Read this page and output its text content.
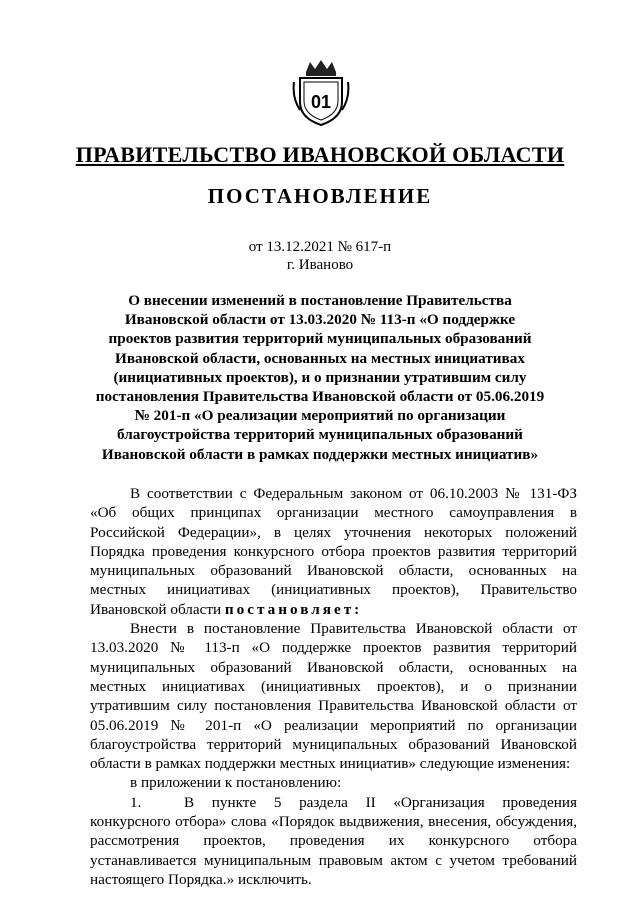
01
ПРАВИТЕЛЬСТВО ИВАНОВСКОЙ ОБЛАСТИ
ПОСТАНОВЛЕНИЕ
от 13.12.2021 № 617-п
г. Иваново
О внесении изменений в постановление Правительства Ивановской области от 13.03.2020 № 113-п «О поддержке проектов развития территорий муниципальных образований Ивановской области, основанных на местных инициативах (инициативных проектов), и о признании утратившим силу постановления Правительства Ивановской области от 05.06.2019 № 201-п «О реализации мероприятий по организации благоустройства территорий муниципальных образований Ивановской области в рамках поддержки местных инициатив»

В соответствии с Федеральным законом от 06.10.2003 № 131-ФЗ «Об общих принципах организации местного самоуправления в Российской Федерации», в целях уточнения некоторых положений Порядка проведения конкурсного отбора проектов развития территорий муниципальных образований Ивановской области, основанных на местных инициативах (инициативных проектов), Правительство Ивановской области постановляет:

Внести в постановление Правительства Ивановской области от 13.03.2020 № 113-п «О поддержке проектов развития территорий муниципальных образований Ивановской области, основанных на местных инициативах (инициативных проектов), и о признании утратившим силу постановления Правительства Ивановской области от 05.06.2019 № 201-п «О реализации мероприятий по организации благоустройства территорий муниципальных образований Ивановской области в рамках поддержки местных инициатив» следующие изменения:

в приложении к постановлению:

1.	В пункте 5 раздела II «Организация проведения конкурсного отбора» слова «Порядок выдвижения, внесения, обсуждения, рассмотрения проектов, проведения их конкурсного отбора устанавливается муниципальным правовым актом с учетом требований настоящего Порядка.» исключить.
